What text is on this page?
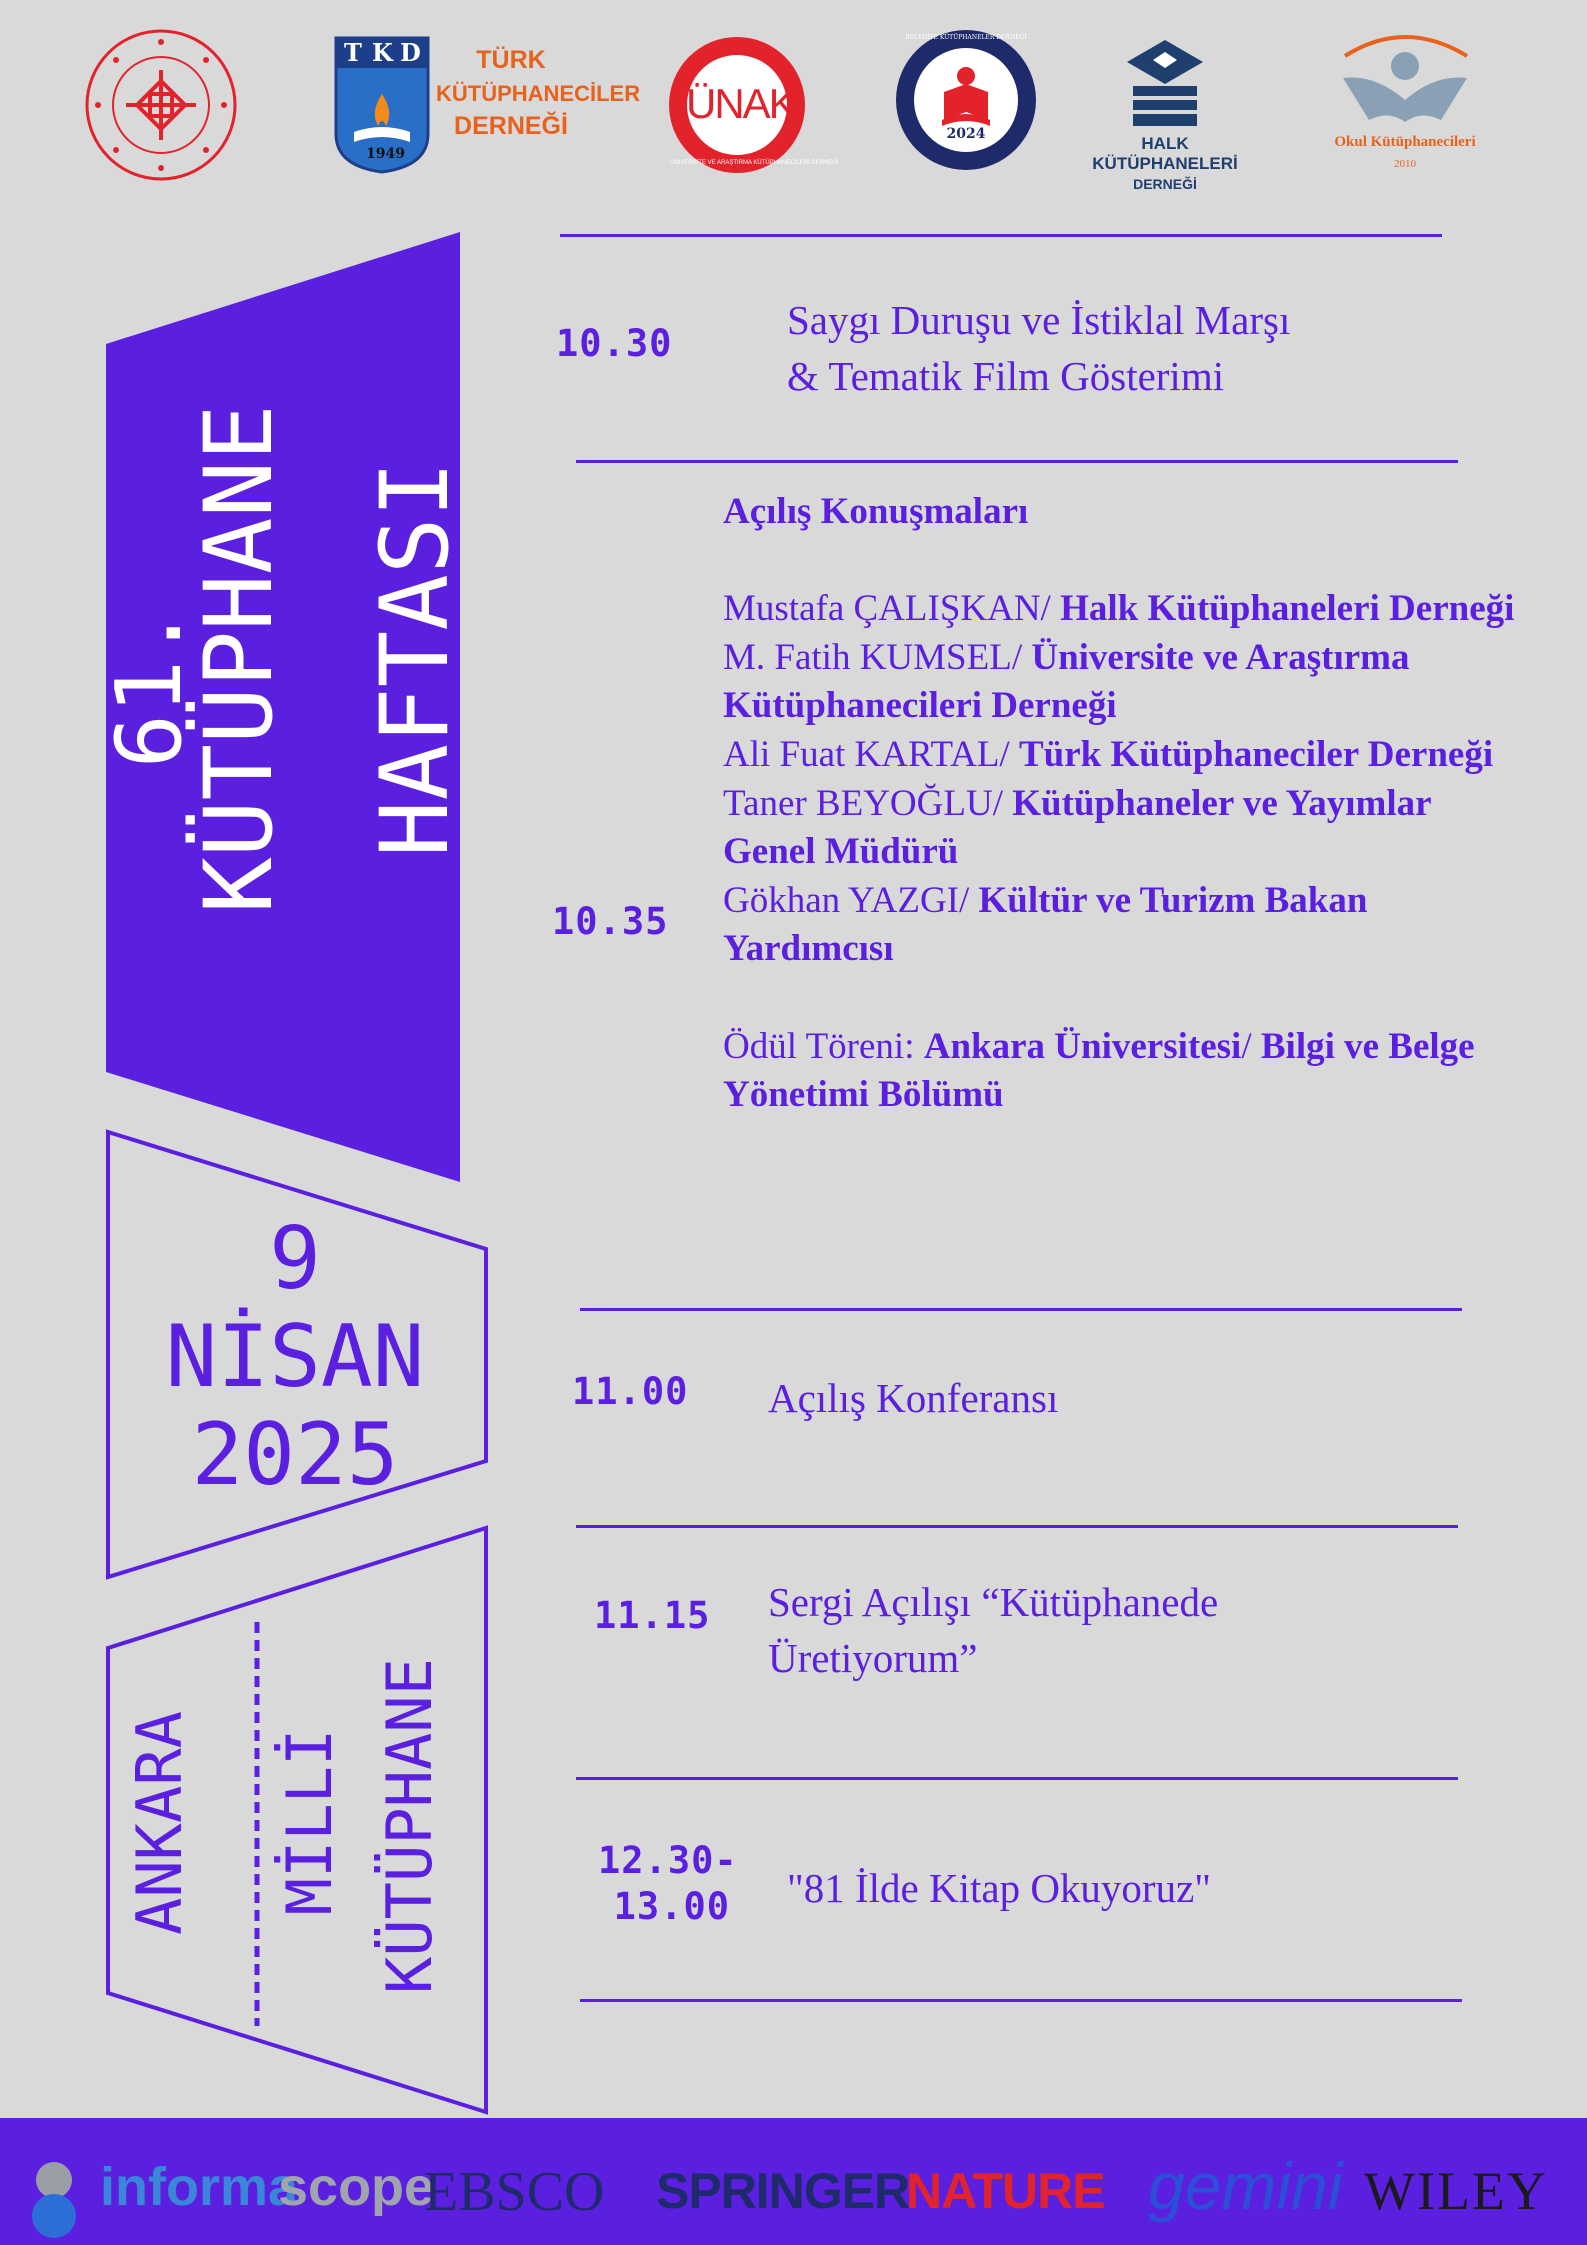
T K D
1949
TÜRK
KÜTÜPHANECİLER
DERNEĞİ	ÜNAK
ÜNİVERSİTE VE ARAŞTIRMA KÜTÜPHANECİLERİ DERNEĞİ
2024
BELEDİYE KÜTÜPHANELER DERNEĞİ
HALK KÜTÜPHANELERİ
DERNEĞİ
Okul Kütüphanecileri
2010
61.
KÜTÜPHANE HAFTASI
9
NİSAN
2025
ANKARA MİLLİ KÜTÜPHANE
10.30
Saygı Duruşu ve İstiklal Marşı
& Tematik Film Gösterimi
10.35

Açılış Konuşmaları

Mustafa ÇALIŞKAN/ Halk Kütüphaneleri Derneği

M. Fatih KUMSEL/ Üniversite ve Araştırma Kütüphanecileri Derneği

Ali Fuat KARTAL/ Türk Kütüphaneciler Derneği

Taner BEYOĞLU/ Kütüphaneler ve Yayımlar Genel Müdürü

Gökhan YAZGI/ Kültür ve Turizm Bakan Yardımcısı

Ödül Töreni: Ankara Üniversitesi/ Bilgi ve Belge Yönetimi Bölümü

11.00 Açılış Konferansı
11.15 Sergi Açılışı “Kütüphanede
Üretiyorum”
12.30-
13.00 "81 İlde Kitap Okuyoruz"
informa
scope
EBSCO SPRINGER
NATURE gemini WILEY
